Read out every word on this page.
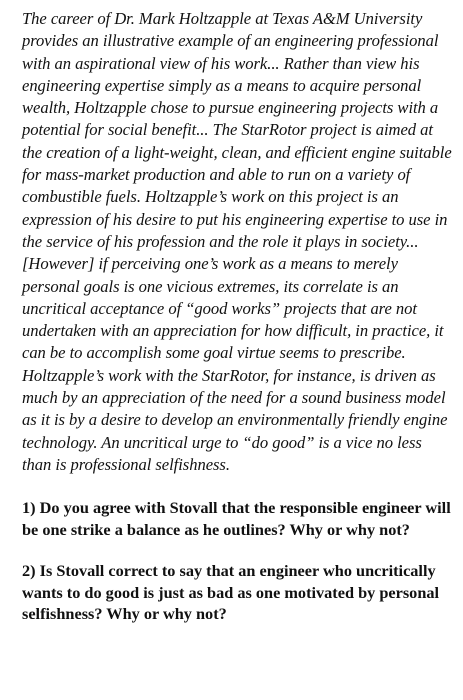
The career of Dr. Mark Holtzapple at Texas A&M University provides an illustrative example of an engineering professional with an aspirational view of his work... Rather than view his engineering expertise simply as a means to acquire personal wealth, Holtzapple chose to pursue engineering projects with a potential for social benefit... The StarRotor project is aimed at the creation of a light-weight, clean, and efficient engine suitable for mass-market production and able to run on a variety of combustible fuels. Holtzapple’s work on this project is an expression of his desire to put his engineering expertise to use in the service of his profession and the role it plays in society... [However] if perceiving one’s work as a means to merely personal goals is one vicious extremes, its correlate is an uncritical acceptance of “good works” projects that are not undertaken with an appreciation for how difficult, in practice, it can be to accomplish some goal virtue seems to prescribe. Holtzapple’s work with the StarRotor, for instance, is driven as much by an appreciation of the need for a sound business model as it is by a desire to develop an environmentally friendly engine technology. An uncritical urge to “do good” is a vice no less than is professional selfishness.

1) Do you agree with Stovall that the responsible engineer will be one strike a balance as he outlines? Why or why not?

2) Is Stovall correct to say that an engineer who uncritically wants to do good is just as bad as one motivated by personal selfishness? Why or why not?
